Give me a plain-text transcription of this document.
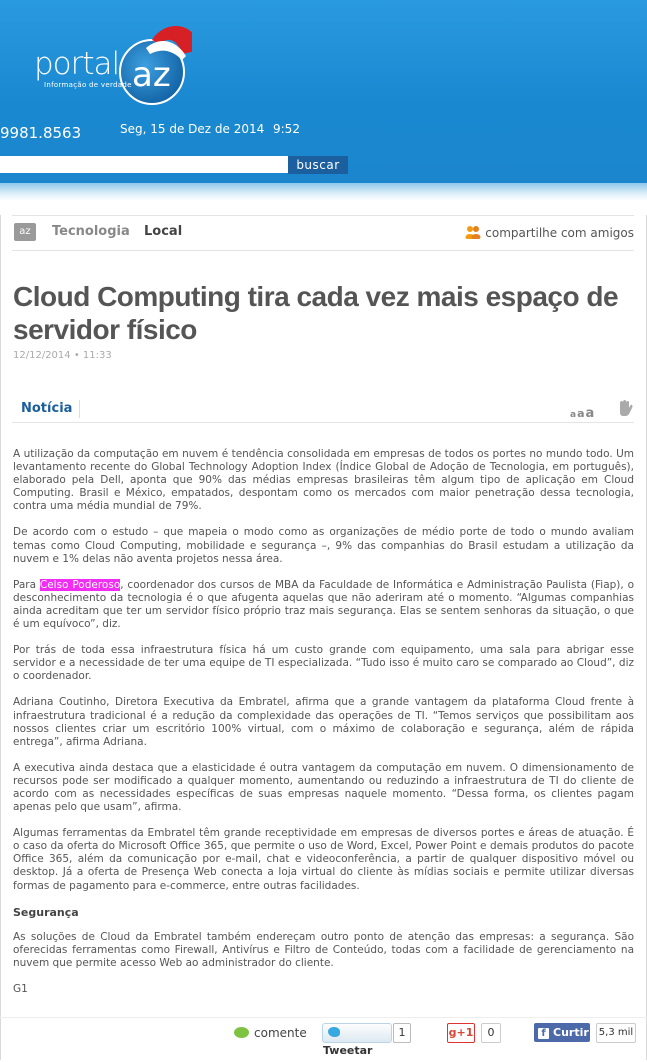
portal az
Informação de verdade
9981.8563	Seg, 15 de Dez de 2014 9:52
buscar
az	Tecnologia Local	compartilhe com amigos
Cloud Computing tira cada vez mais espaço de servidor físico
12/12/2014 • 11:33
Notícia	aaa

A utilização da computação em nuvem é tendência consolidada em empresas de todos os portes no mundo todo. Um levantamento recente do Global Technology Adoption Index (Índice Global de Adoção de Tecnologia, em português), elaborado pela Dell, aponta que 90% das médias empresas brasileiras têm algum tipo de aplicação em Cloud Computing. Brasil e México, empatados, despontam como os mercados com maior penetração dessa tecnologia, contra uma média mundial de 79%.

De acordo com o estudo – que mapeia o modo como as organizações de médio porte de todo o mundo avaliam temas como Cloud Computing, mobilidade e segurança –, 9% das companhias do Brasil estudam a utilização da nuvem e 1% delas não aventa projetos nessa área.

Para Celso Poderoso, coordenador dos cursos de MBA da Faculdade de Informática e Administração Paulista (Fiap), o desconhecimento da tecnologia é o que afugenta aquelas que não aderiram até o momento. “Algumas companhias ainda acreditam que ter um servidor físico próprio traz mais segurança. Elas se sentem senhoras da situação, o que é um equívoco”, diz.

Por trás de toda essa infraestrutura física há um custo grande com equipamento, uma sala para abrigar esse servidor e a necessidade de ter uma equipe de TI especializada. “Tudo isso é muito caro se comparado ao Cloud”, diz o coordenador.

Adriana Coutinho, Diretora Executiva da Embratel, afirma que a grande vantagem da plataforma Cloud frente à infraestrutura tradicional é a redução da complexidade das operações de TI. “Temos serviços que possibilitam aos nossos clientes criar um escritório 100% virtual, com o máximo de colaboração e segurança, além de rápida entrega”, afirma Adriana.

A executiva ainda destaca que a elasticidade é outra vantagem da computação em nuvem. O dimensionamento de recursos pode ser modificado a qualquer momento, aumentando ou reduzindo a infraestrutura de TI do cliente de acordo com as necessidades específicas de suas empresas naquele momento. “Dessa forma, os clientes pagam apenas pelo que usam”, afirma.

Algumas ferramentas da Embratel têm grande receptividade em empresas de diversos portes e áreas de atuação. É o caso da oferta do Microsoft Office 365, que permite o uso de Word, Excel, Power Point e demais produtos do pacote Office 365, além da comunicação por e-mail, chat e videoconferência, a partir de qualquer dispositivo móvel ou desktop. Já a oferta de Presença Web conecta a loja virtual do cliente às mídias sociais e permite utilizar diversas formas de pagamento para e-commerce, entre outras facilidades.

Segurança

As soluções de Cloud da Embratel também endereçam outro ponto de atenção das empresas: a segurança. São oferecidas ferramentas como Firewall, Antivírus e Filtro de Conteúdo, todas com a facilidade de gerenciamento na nuvem que permite acesso Web ao administrador do cliente.

G1

comente
Tweetar
1	g+1	0	f Curtir 5,3 mil
